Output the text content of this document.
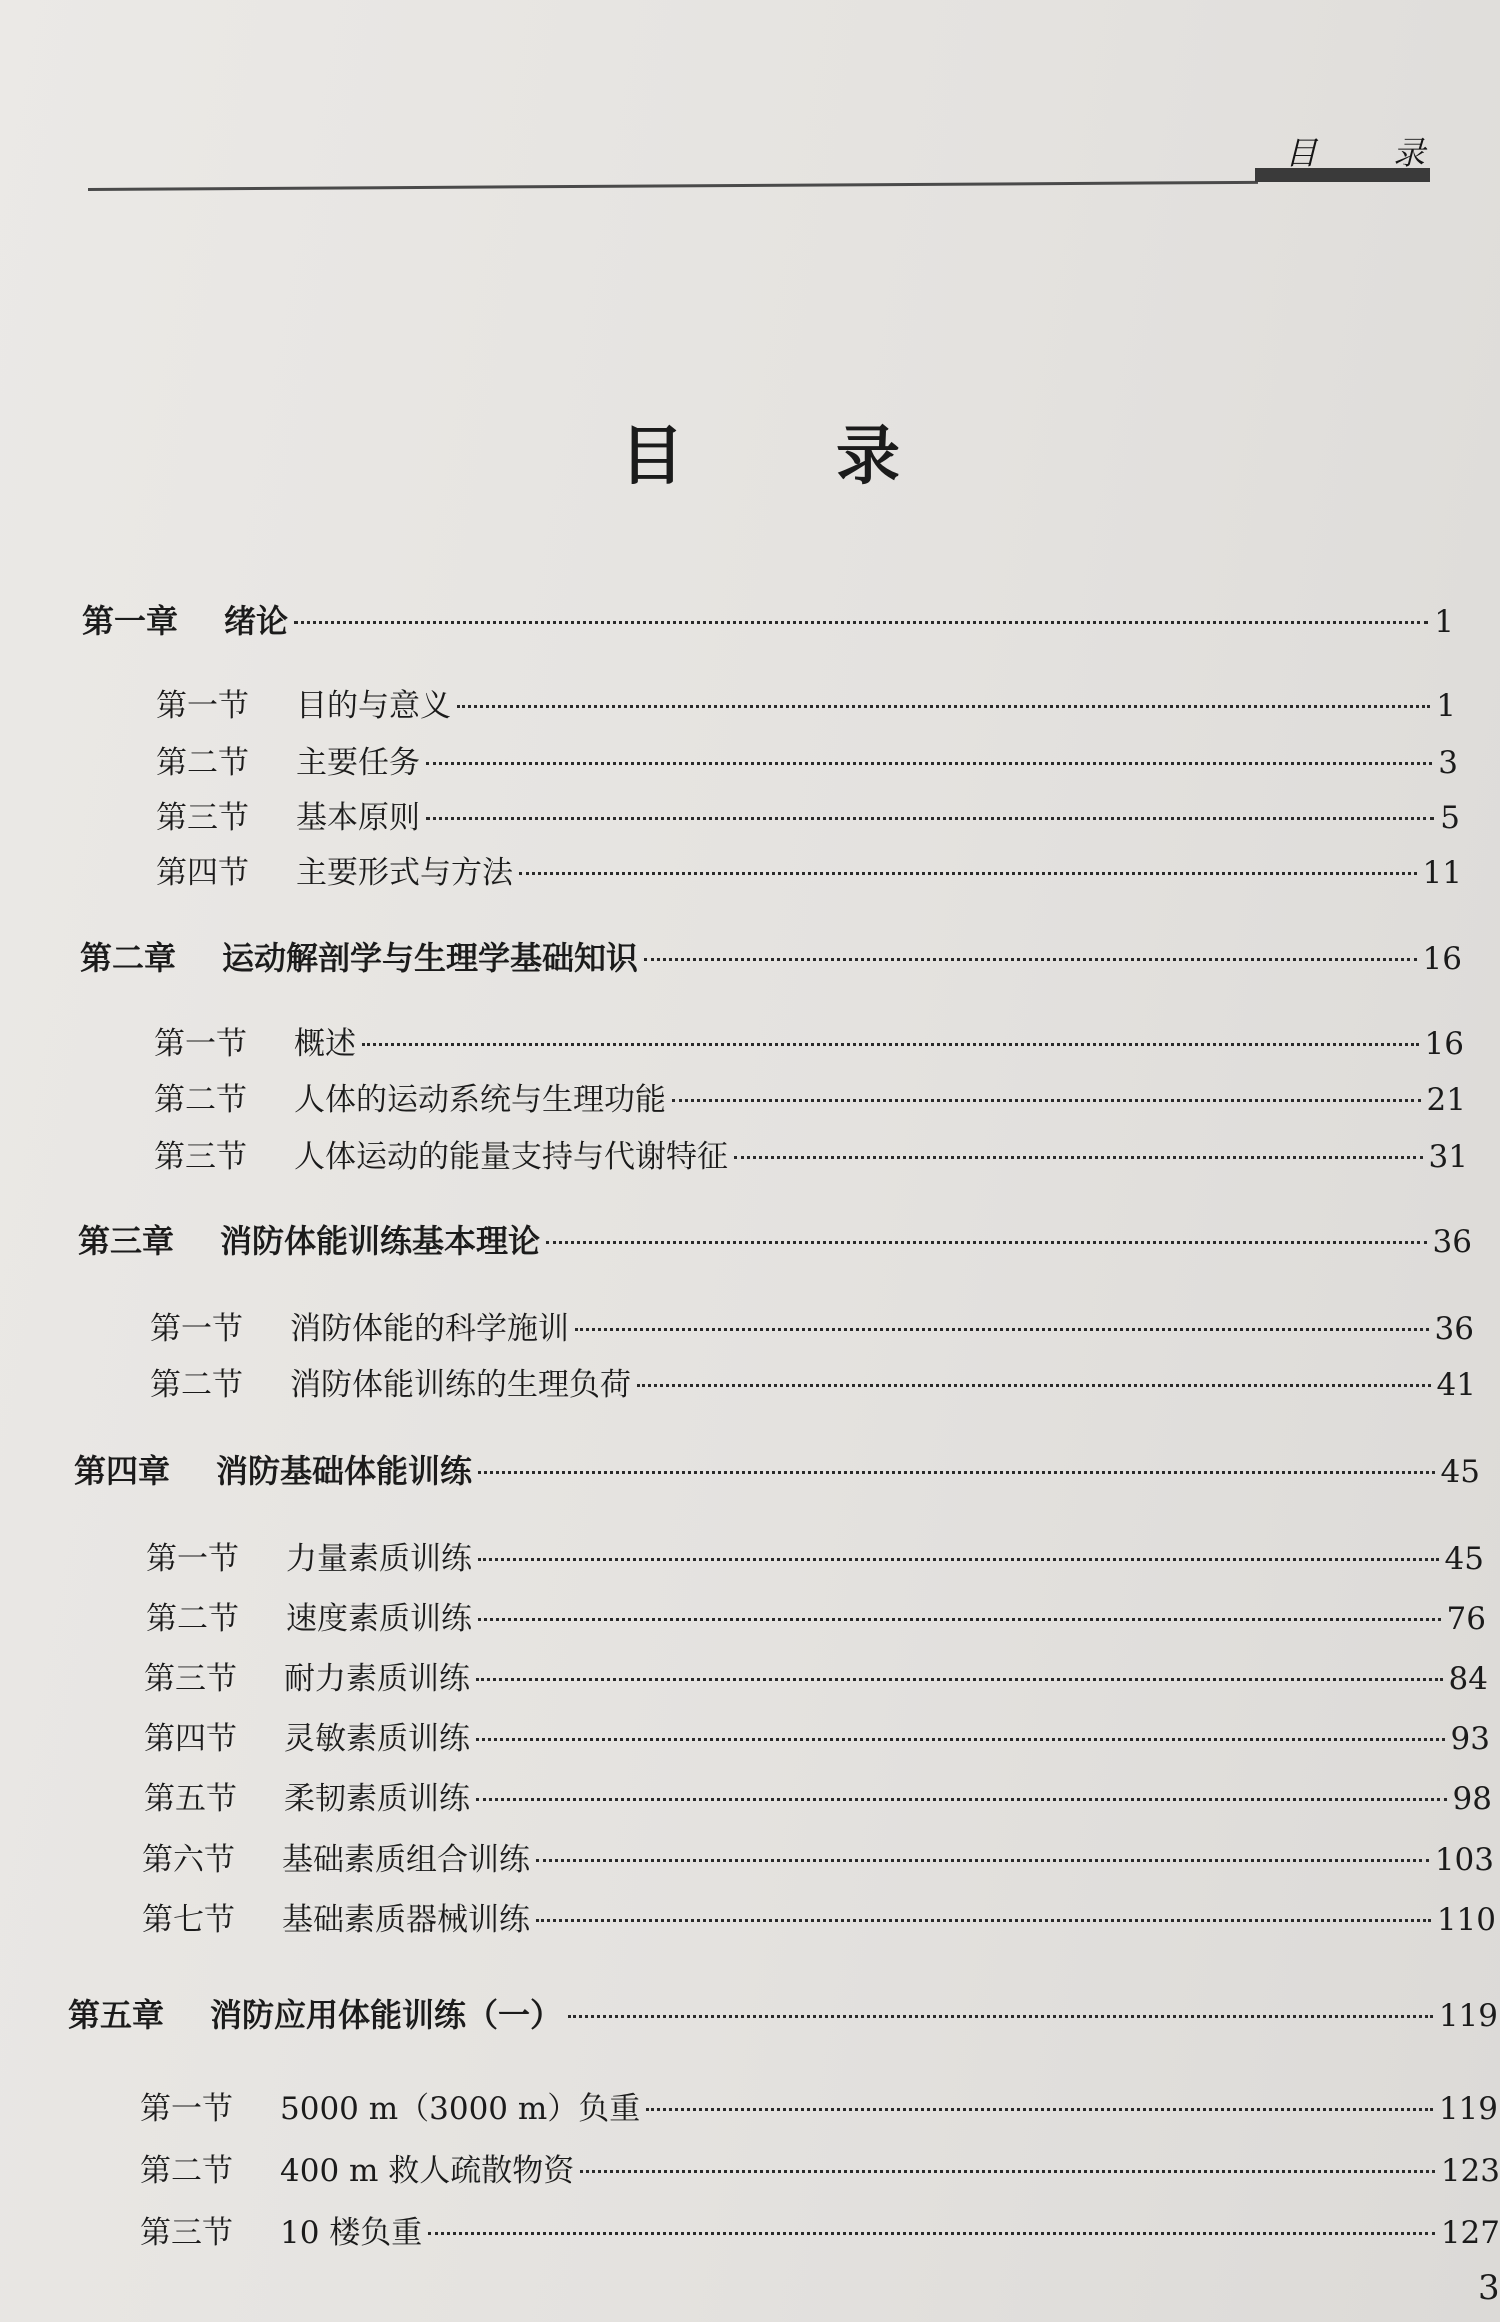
目 录
目 录
第一章	绪论	1
第一节	目的与意义	1
第二节	主要任务	3
第三节	基本原则	5
第四节	主要形式与方法	11
第二章	运动解剖学与生理学基础知识	16
第一节	概述	16
第二节	人体的运动系统与生理功能	21
第三节	人体运动的能量支持与代谢特征	31
第三章	消防体能训练基本理论	36
第一节	消防体能的科学施训	36
第二节	消防体能训练的生理负荷	41
第四章	消防基础体能训练	45
第一节	力量素质训练	45
第二节	速度素质训练	76
第三节	耐力素质训练	84
第四节	灵敏素质训练	93
第五节	柔韧素质训练	98
第六节	基础素质组合训练	103
第七节	基础素质器械训练	110
第五章	消防应用体能训练（一）	119
第一节	5000 m（3000 m）负重	119
第二节	400 m 救人疏散物资	123
第三节	10 楼负重	127
3
